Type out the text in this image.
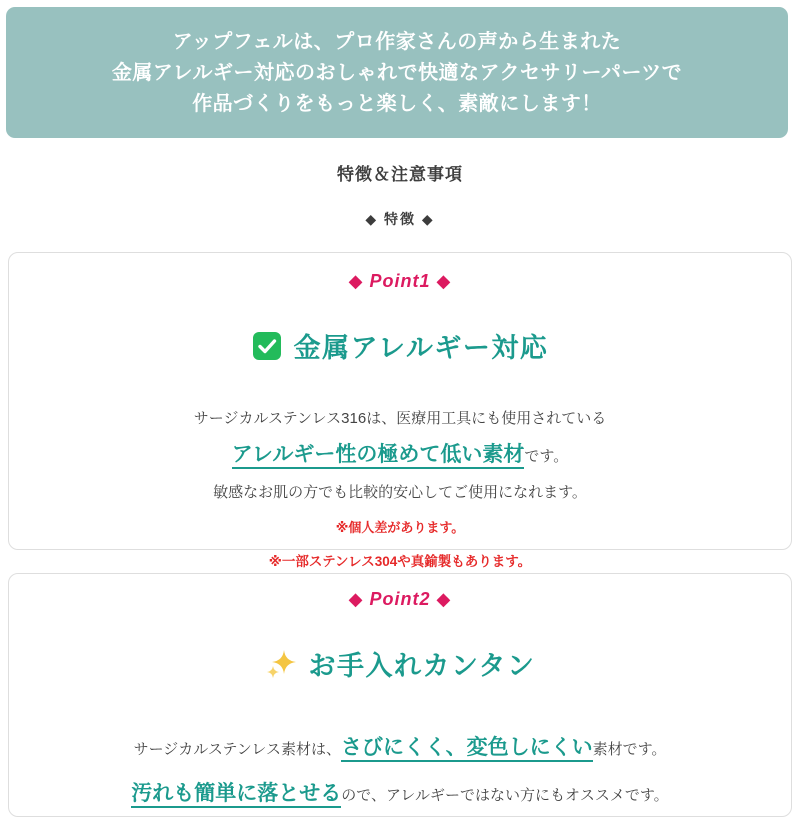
アップフェルは、プロ作家さんの声から生まれた

金属アレルギー対応のおしゃれで快適なアクセサリーパーツで

作品づくりをもっと楽しく、素敵にします！

特徴＆注意事項
◆ 特徴 ◆
◆ Point1 ◆
金属アレルギー対応

サージカルステンレス316は、医療用工具にも使用されている

アレルギー性の極めて低い素材です。

敏感なお肌の方でも比較的安心してご使用になれます。

※個人差があります。

※一部ステンレス304や真鍮製もあります。

◆ Point2 ◆
お手入れカンタン

サージカルステンレス素材は、さびにくく、変色しにくい素材です。

汚れも簡単に落とせるので、アレルギーではない方にもオススメです。
